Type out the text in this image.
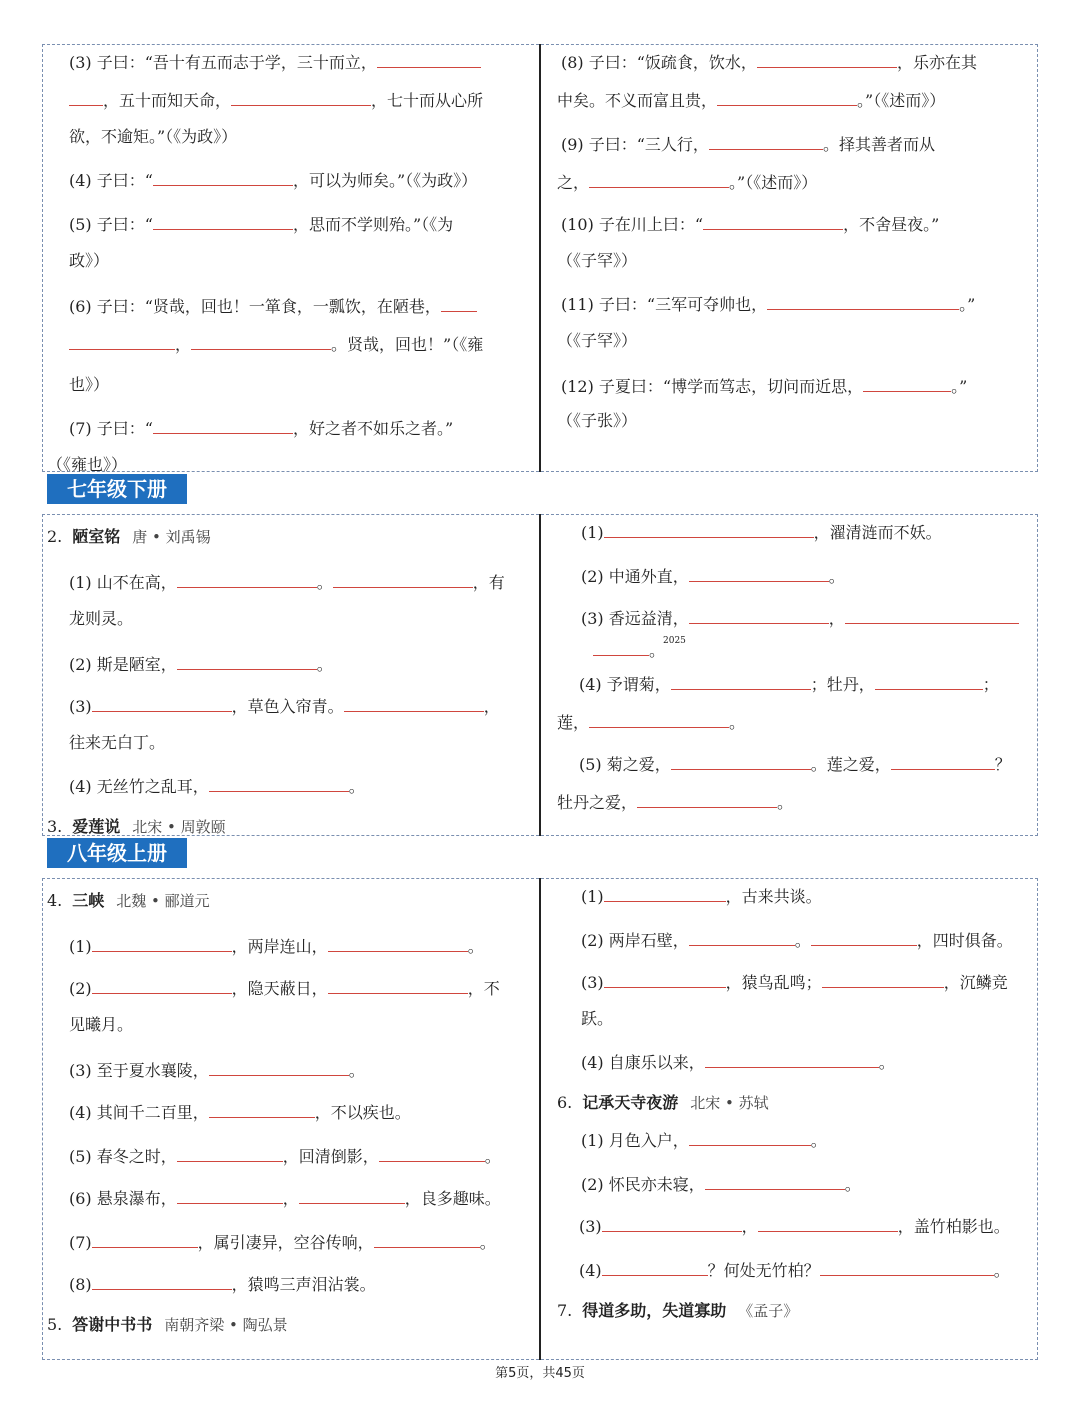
(3) 子曰：“吾十有五而志于学，三十而立，
，五十而知天命，	，七十而从心所
欲，不逾矩。”（《为政》）
(4) 子曰：“	，可以为师矣。”（《为政》）
(5) 子曰：“	，思而不学则殆。”（《为
政》）
(6) 子曰：“贤哉，回也！一箪食，一瓢饮，在陋巷，
，	。贤哉，回也！”（《雍
也》）
(7) 子曰：“	，好之者不如乐之者。”
（《雍也》）
(8) 子曰：“饭疏食，饮水，	，乐亦在其
中矣。不义而富且贵，	。”（《述而》）
(9) 子曰：“三人行，	。择其善者而从
之，	。”（《述而》）
(10) 子在川上曰：“	，不舍昼夜。”
（《子罕》）
(11) 子曰：“三军可夺帅也，	。”
（《子罕》）
(12) 子夏曰：“博学而笃志，切问而近思，	。”
（《子张》）
七年级下册
2. 陋室铭 唐 • 刘禹锡
(1) 山不在高，	。	，有
龙则灵。
(2) 斯是陋室，	。
(3)	，草色入帘青。	，
往来无白丁。
(4) 无丝竹之乱耳，	。
3. 爱莲说 北宋 • 周敦颐
(1)	，濯清涟而不妖。
(2) 中通外直，	。
(3) 香远益清，	，
。
(4) 予谓菊，	；牡丹，	；
莲，	。
(5) 菊之爱，	。莲之爱，	？
牡丹之爱，	。
2025
八年级上册
4. 三峡 北魏 • 郦道元
(1)	，两岸连山，	。
(2)	，隐天蔽日，	，不
见曦月。
(3) 至于夏水襄陵，	。
(4) 其间千二百里，	，不以疾也。
(5) 春冬之时，	，回清倒影，	。
(6) 悬泉瀑布，	，	，良多趣味。
(7)	，属引凄异，空谷传响，	。
(8)	，猿鸣三声泪沾裳。
5. 答谢中书书 南朝齐梁 • 陶弘景
(1)	，古来共谈。
(2) 两岸石壁，	。	，四时俱备。
(3)	，猿鸟乱鸣；	，沉鳞竞
跃。
(4) 自康乐以来，	。
6. 记承天寺夜游 北宋 • 苏轼
(1) 月色入户，	。
(2) 怀民亦未寝，	。
(3)	，	，盖竹柏影也。
(4)	？何处无竹柏？	。
7. 得道多助，失道寡助 《孟子》
第5页，共45页
